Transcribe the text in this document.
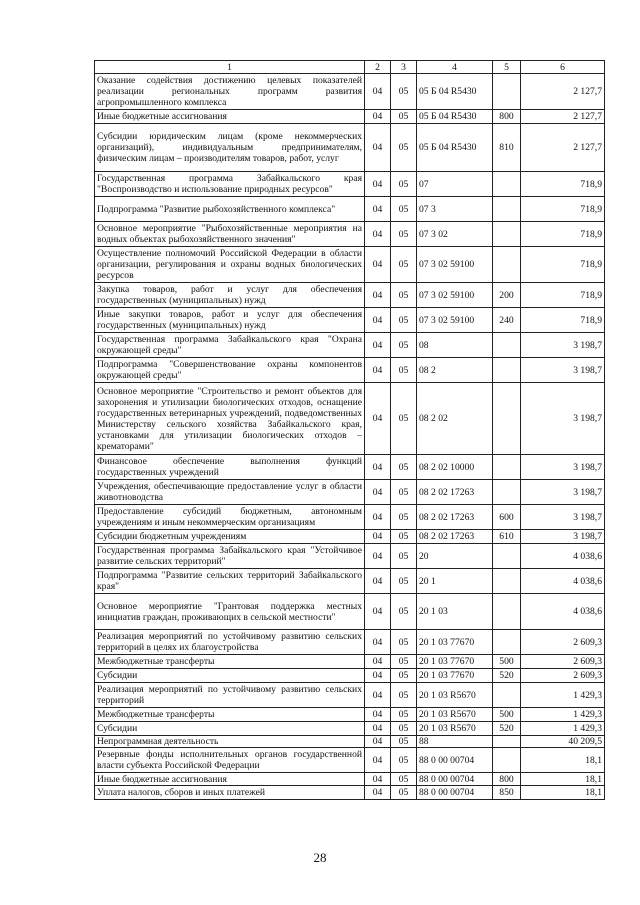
1	2	3	4	5	6
Оказание содействия достижению целевых показателей реализации региональных программ развития агропромышленного комплекса	04	05	05 Б 04 R5430		2 127,7
Иные бюджетные ассигнования	04	05	05 Б 04 R5430	800	2 127,7
Субсидии юридическим лицам (кроме некоммерческих организаций), индивидуальным предпринимателям, физическим лицам – производителям товаров, работ, услуг	04	05	05 Б 04 R5430	810	2 127,7
Государственная программа Забайкальского края "Воспроизводство и использование природных ресурсов"	04	05	07		718,9
Подпрограмма "Развитие рыбохозяйственного комплекса"	04	05	07 3		718,9
Основное мероприятие "Рыбохозяйственные мероприятия на водных объектах рыбохозяйственного значения"	04	05	07 3 02		718,9
Осуществление полномочий Российской Федерации в области организации, регулирования и охраны водных биологических ресурсов	04	05	07 3 02 59100		718,9
Закупка товаров, работ и услуг для обеспечения государственных (муниципальных) нужд	04	05	07 3 02 59100	200	718,9
Иные закупки товаров, работ и услуг для обеспечения государственных (муниципальных) нужд	04	05	07 3 02 59100	240	718,9
Государственная программа Забайкальского края "Охрана окружающей среды"	04	05	08		3 198,7
Подпрограмма "Совершенствование охраны компонентов окружающей среды"	04	05	08 2		3 198,7
Основное мероприятие "Строительство и ремонт объектов для захоронения и утилизации биологических отходов, оснащение государственных ветеринарных учреждений, подведомственных Министерству сельского хозяйства Забайкальского края, установками для утилизации биологических отходов – крематорами"	04	05	08 2 02		3 198,7
Финансовое обеспечение выполнения функций государственных учреждений	04	05	08 2 02 10000		3 198,7
Учреждения, обеспечивающие предоставление услуг в области животноводства	04	05	08 2 02 17263		3 198,7
Предоставление субсидий бюджетным, автономным учреждениям и иным некоммерческим организациям	04	05	08 2 02 17263	600	3 198,7
Субсидии бюджетным учреждениям	04	05	08 2 02 17263	610	3 198,7
Государственная программа Забайкальского края "Устойчивое развитие сельских территорий"	04	05	20		4 038,6
Подпрограмма "Развитие сельских территорий Забайкальского края"	04	05	20 1		4 038,6
Основное мероприятие "Грантовая поддержка местных инициатив граждан, проживающих в сельской местности"	04	05	20 1 03		4 038,6
Реализация мероприятий по устойчивому развитию сельских территорий в целях их благоустройства	04	05	20 1 03 77670		2 609,3
Межбюджетные трансферты	04	05	20 1 03 77670	500	2 609,3
Субсидии	04	05	20 1 03 77670	520	2 609,3
Реализация мероприятий по устойчивому развитию сельских территорий	04	05	20 1 03 R5670		1 429,3
Межбюджетные трансферты	04	05	20 1 03 R5670	500	1 429,3
Субсидии	04	05	20 1 03 R5670	520	1 429,3
Непрограммная деятельность	04	05	88		40 209,5
Резервные фонды исполнительных органов государственной власти субъекта Российской Федерации	04	05	88 0 00 00704		18,1
Иные бюджетные ассигнования	04	05	88 0 00 00704	800	18,1
Уплата налогов, сборов и иных платежей	04	05	88 0 00 00704	850	18,1
28
